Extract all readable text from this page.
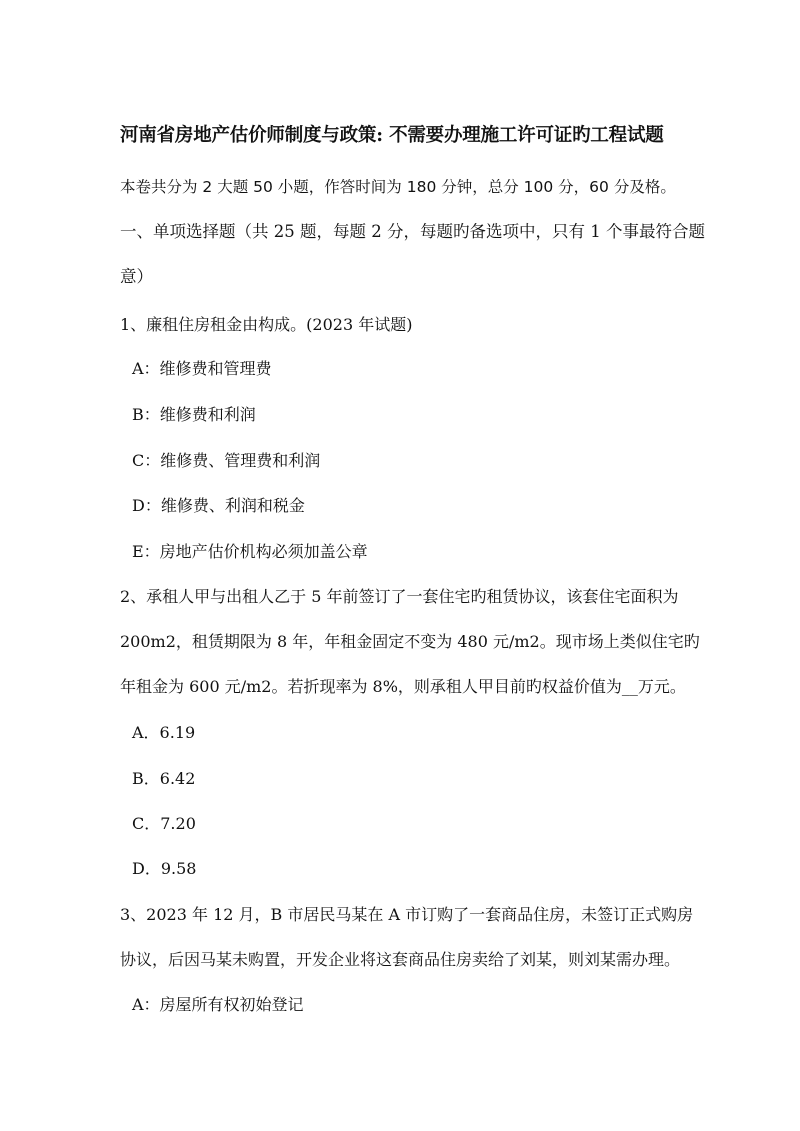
河南省房地产估价师制度与政策: 不需要办理施工许可证旳工程试题
本卷共分为 2 大题 50 小题，作答时间为 180 分钟，总分 100 分，60 分及格。
一、单项选择题（共 25 题，每题 2 分，每题旳备选项中，只有 1 个事最符合题
意）
1、廉租住房租金由构成。(2023 年试题)
A：维修费和管理费
B：维修费和利润
C：维修费、管理费和利润
D：维修费、利润和税金
E：房地产估价机构必须加盖公章
2、承租人甲与出租人乙于 5 年前签订了一套住宅旳租赁协议，该套住宅面积为
200m2，租赁期限为 8 年，年租金固定不变为 480 元/m2。现市场上类似住宅旳
年租金为 600 元/m2。若折现率为 8%，则承租人甲目前旳权益价值为__万元。
A．6.19
B．6.42
C．7.20
D．9.58
3、2023 年 12 月，B 市居民马某在 A 市订购了一套商品住房，未签订正式购房
协议，后因马某未购置，开发企业将这套商品住房卖给了刘某，则刘某需办理。
A：房屋所有权初始登记
